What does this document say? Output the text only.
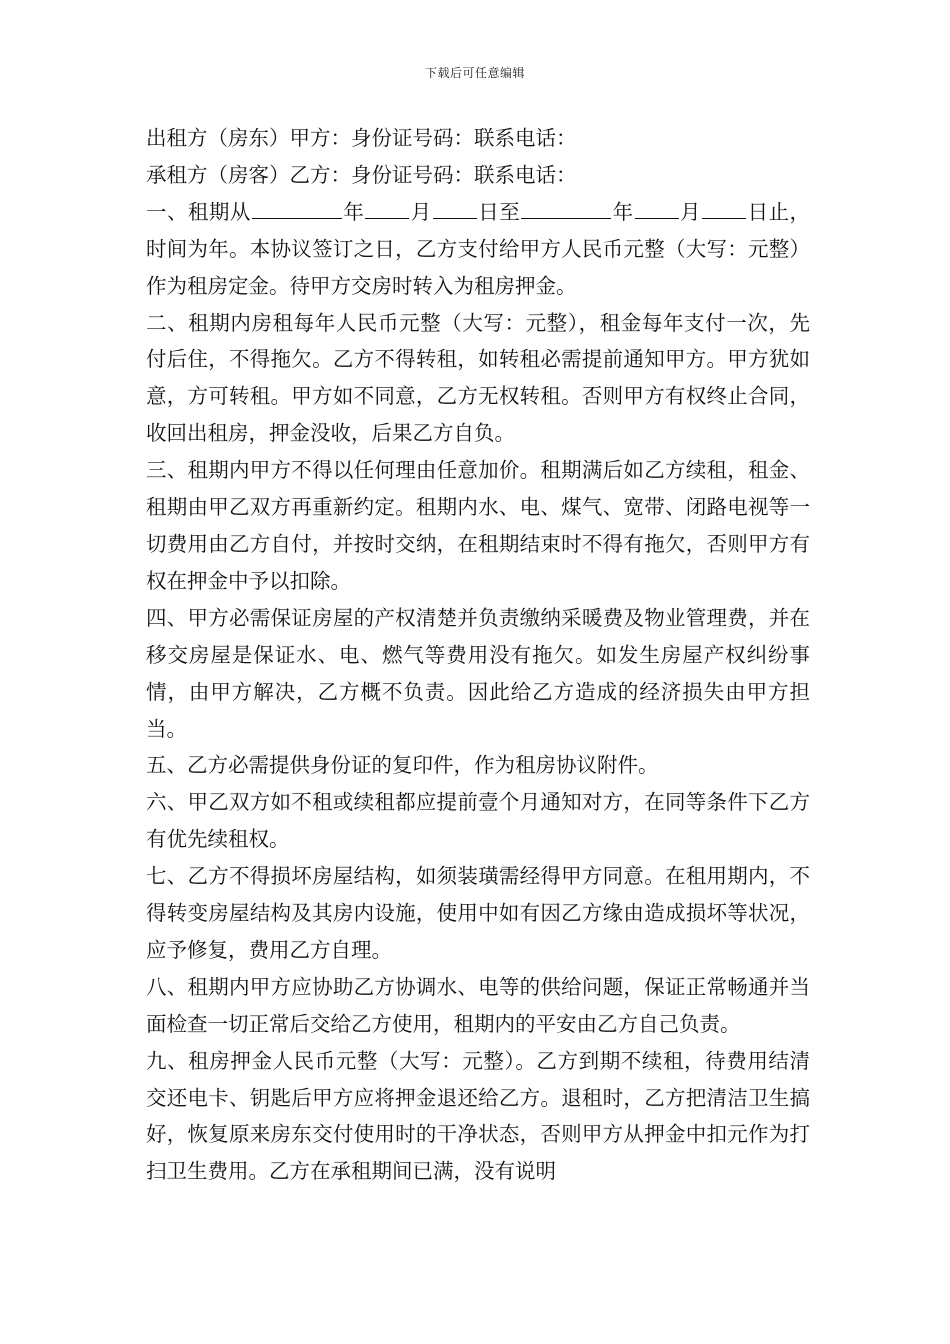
下载后可任意编辑

出租方（房东）甲方：身份证号码：联系电话：

承租方（房客）乙方：身份证号码：联系电话：

一、租期从	年 月 日至	年 月 日止，时间为年。本协议签订之日，乙方支付给甲方人民币元整（大写：元整）作为租房定金。待甲方交房时转入为租房押金。

二、租期内房租每年人民币元整（大写：元整），租金每年支付一次，先付后住，不得拖欠。乙方不得转租，如转租必需提前通知甲方。甲方犹如意，方可转租。甲方如不同意，乙方无权转租。否则甲方有权终止合同，收回出租房，押金没收，后果乙方自负。

三、租期内甲方不得以任何理由任意加价。租期满后如乙方续租，租金、租期由甲乙双方再重新约定。租期内水、电、煤气、宽带、闭路电视等一切费用由乙方自付，并按时交纳，在租期结束时不得有拖欠，否则甲方有权在押金中予以扣除。

四、甲方必需保证房屋的产权清楚并负责缴纳采暖费及物业管理费，并在移交房屋是保证水、电、燃气等费用没有拖欠。如发生房屋产权纠纷事情，由甲方解决，乙方概不负责。因此给乙方造成的经济损失由甲方担当。

五、乙方必需提供身份证的复印件，作为租房协议附件。

六、甲乙双方如不租或续租都应提前壹个月通知对方，在同等条件下乙方有优先续租权。

七、乙方不得损坏房屋结构，如须装璜需经得甲方同意。在租用期内，不得转变房屋结构及其房内设施，使用中如有因乙方缘由造成损坏等状况，应予修复，费用乙方自理。

八、租期内甲方应协助乙方协调水、电等的供给问题，保证正常畅通并当面检查一切正常后交给乙方使用，租期内的平安由乙方自己负责。

九、租房押金人民币元整（大写：元整）。乙方到期不续租，待费用结清交还电卡、钥匙后甲方应将押金退还给乙方。退租时，乙方把清洁卫生搞好，恢复原来房东交付使用时的干净状态，否则甲方从押金中扣元作为打扫卫生费用。乙方在承租期间已满，没有说明
